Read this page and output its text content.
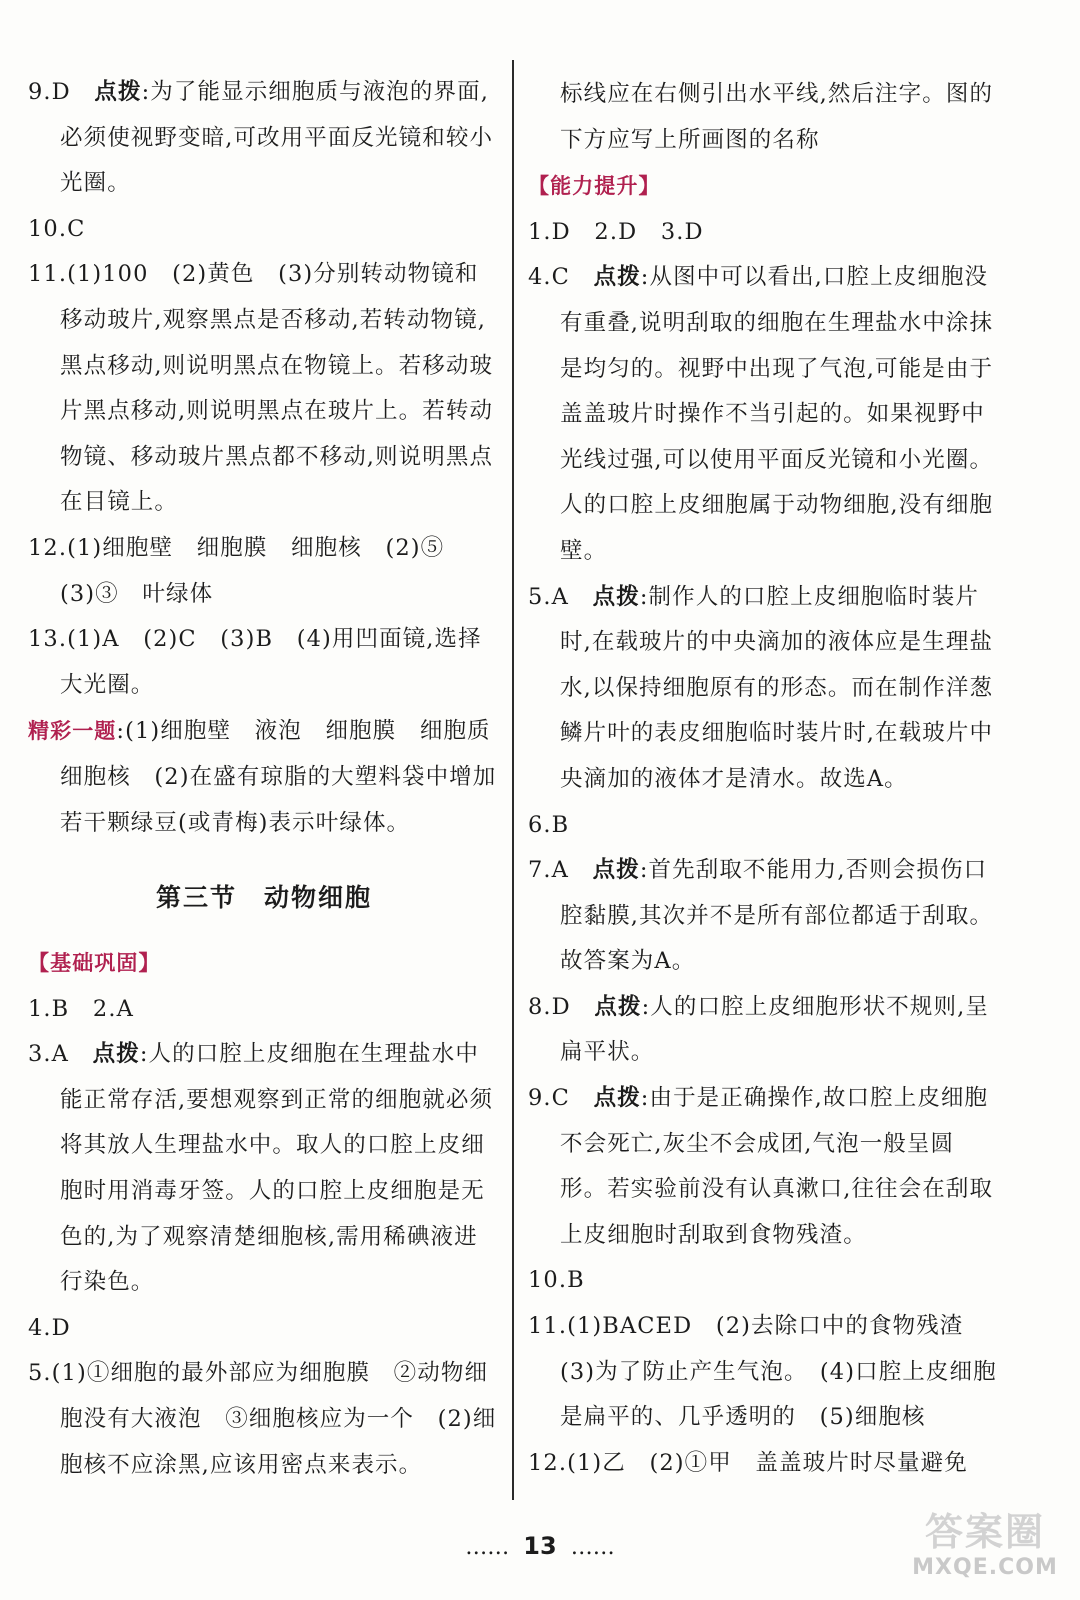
9.D　 点拨:为了能显示细胞质与液泡的界面,必须使视野变暗,可改用平面反光镜和较小光圈。

10.C

11.(1)100　(2)黄色　(3)分别转动物镜和移动玻片,观察黑点是否移动,若转动物镜,黑点移动,则说明黑点在物镜上。若移动玻片黑点移动,则说明黑点在玻片上。若转动物镜、移动玻片黑点都不移动,则说明黑点在目镜上。

12.(1)细胞壁　细胞膜　细胞核　(2)⑤　(3)③　叶绿体

13.(1)A　(2)C　(3)B　(4)用凹面镜,选择大光圈。

精彩一题:(1)细胞壁　液泡　细胞膜　细胞质　细胞核　(2)在盛有琼脂的大塑料袋中增加若干颗绿豆(或青梅)表示叶绿体。

第三节　动物细胞

【基础巩固】

1.B　2.A

3.A　 点拨:人的口腔上皮细胞在生理盐水中能正常存活,要想观察到正常的细胞就必须将其放人生理盐水中。取人的口腔上皮细胞时用消毒牙签。人的口腔上皮细胞是无色的,为了观察清楚细胞核,需用稀碘液进行染色。

4.D

5.(1)①细胞的最外部应为细胞膜　②动物细胞没有大液泡　③细胞核应为一个　(2)细胞核不应涂黑,应该用密点来表示。

标线应在右侧引出水平线,然后注字。图的下方应写上所画图的名称

【能力提升】

1.D　2.D　3.D

4.C　 点拨:从图中可以看出,口腔上皮细胞没有重叠,说明刮取的细胞在生理盐水中涂抹是均匀的。视野中出现了气泡,可能是由于盖盖玻片时操作不当引起的。如果视野中光线过强,可以使用平面反光镜和小光圈。人的口腔上皮细胞属于动物细胞,没有细胞壁。

5.A　 点拨:制作人的口腔上皮细胞临时装片时,在载玻片的中央滴加的液体应是生理盐水,以保持细胞原有的形态。而在制作洋葱鳞片叶的表皮细胞临时装片时,在载玻片中央滴加的液体才是清水。故选A。

6.B

7.A　 点拨:首先刮取不能用力,否则会损伤口腔黏膜,其次并不是所有部位都适于刮取。故答案为A。

8.D　 点拨:人的口腔上皮细胞形状不规则,呈扁平状。

9.C　 点拨:由于是正确操作,故口腔上皮细胞不会死亡,灰尘不会成团,气泡一般呈圆形。若实验前没有认真漱口,往往会在刮取上皮细胞时刮取到食物残渣。

10.B

11.(1)BACED　(2)去除口中的食物残渣　(3)为了防止产生气泡。　(4)口腔上皮细胞是扁平的、几乎透明的　(5)细胞核

12.(1)乙　(2)①甲　盖盖玻片时尽量避免

…… 13 ……	答案圈
MXQE.COM
